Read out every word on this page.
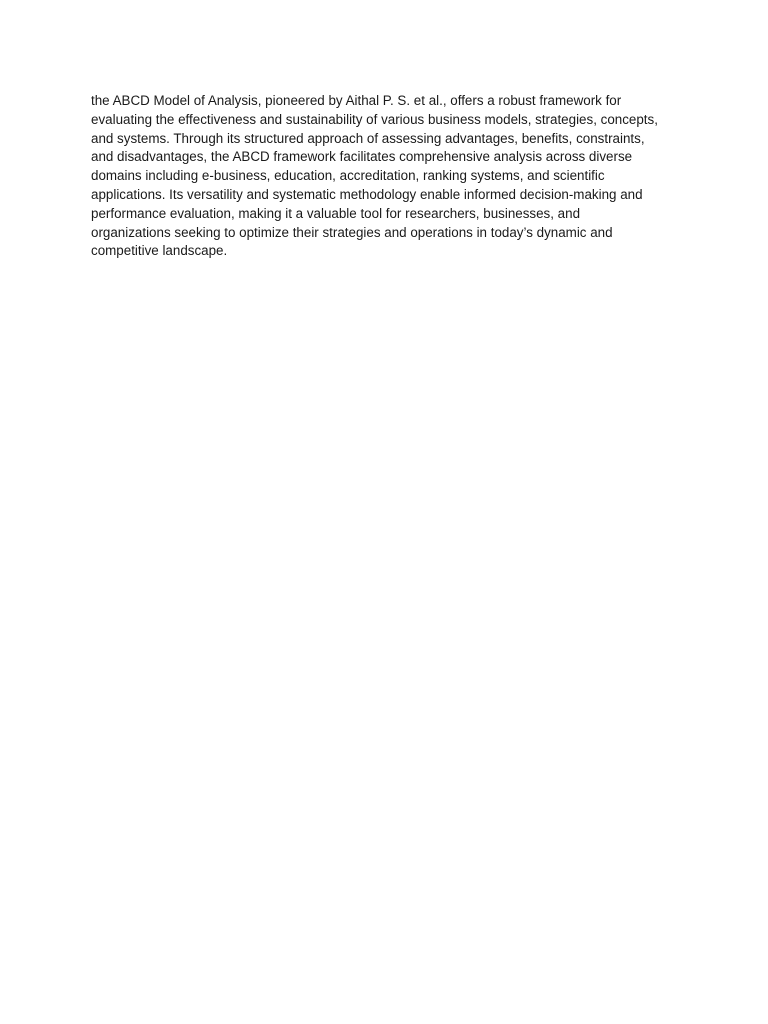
the ABCD Model of Analysis, pioneered by Aithal P. S. et al., offers a robust framework for
evaluating the effectiveness and sustainability of various business models, strategies, concepts,
and systems. Through its structured approach of assessing advantages, benefits, constraints,
and disadvantages, the ABCD framework facilitates comprehensive analysis across diverse
domains including e-business, education, accreditation, ranking systems, and scientific
applications. Its versatility and systematic methodology enable informed decision-making and
performance evaluation, making it a valuable tool for researchers, businesses, and
organizations seeking to optimize their strategies and operations in today’s dynamic and
competitive landscape.
